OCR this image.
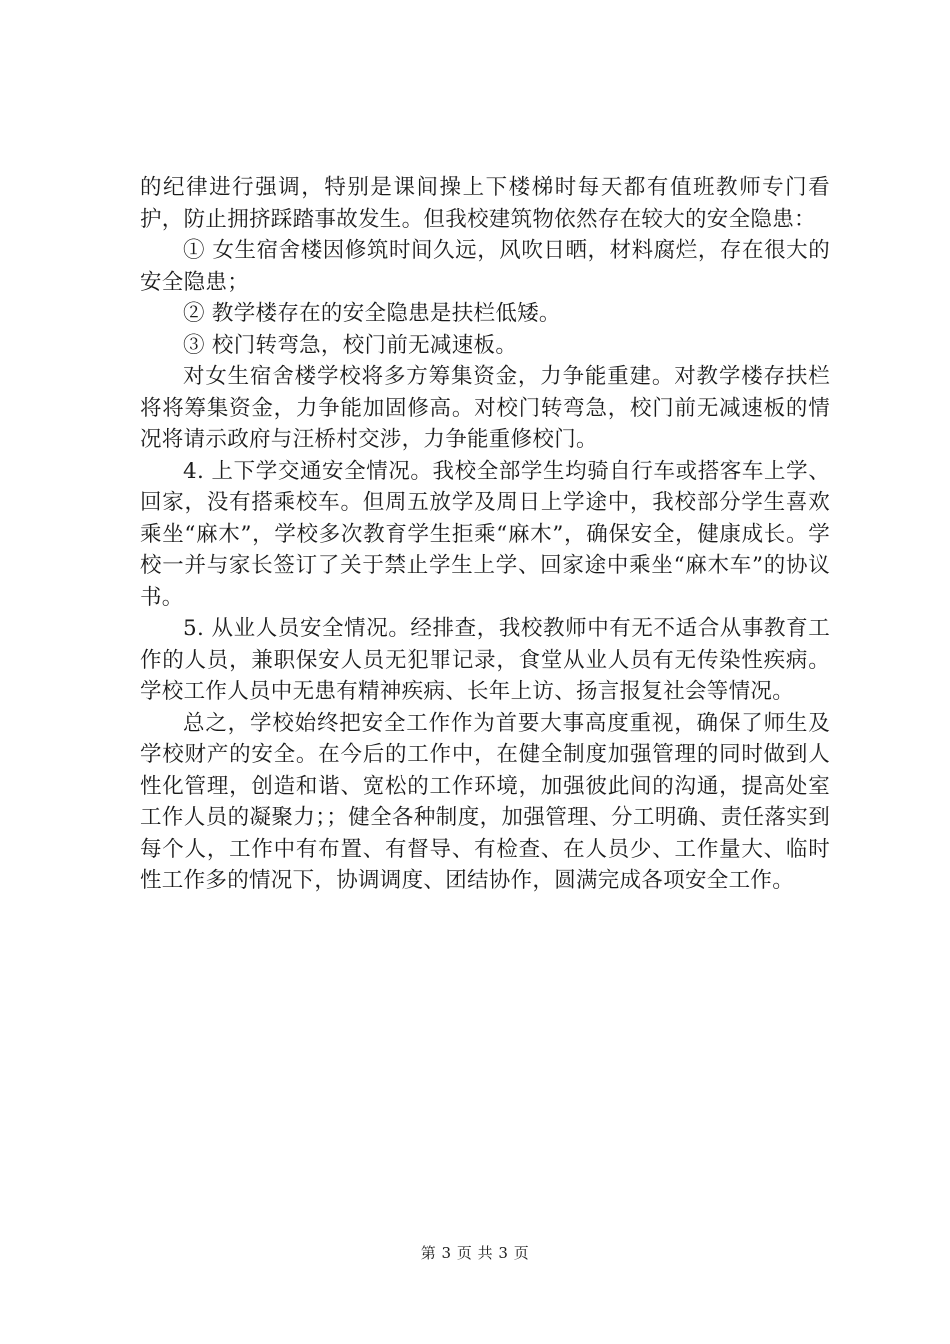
的纪律进行强调，特别是课间操上下楼梯时每天都有值班教师专门看护，防止拥挤踩踏事故发生。但我校建筑物依然存在较大的安全隐患：

① 女生宿舍楼因修筑时间久远，风吹日晒，材料腐烂，存在很大的安全隐患；

② 教学楼存在的安全隐患是扶栏低矮。

③ 校门转弯急，校门前无减速板。

对女生宿舍楼学校将多方筹集资金，力争能重建。对教学楼存扶栏将将筹集资金，力争能加固修高。对校门转弯急，校门前无减速板的情况将请示政府与汪桥村交涉，力争能重修校门。

4. 上下学交通安全情况。我校全部学生均骑自行车或搭客车上学、回家，没有搭乘校车。但周五放学及周日上学途中，我校部分学生喜欢乘坐“麻木”，学校多次教育学生拒乘“麻木”，确保安全，健康成长。学校一并与家长签订了关于禁止学生上学、回家途中乘坐“麻木车”的协议书。

5. 从业人员安全情况。经排查，我校教师中有无不适合从事教育工作的人员，兼职保安人员无犯罪记录，食堂从业人员有无传染性疾病。学校工作人员中无患有精神疾病、长年上访、扬言报复社会等情况。

总之，学校始终把安全工作作为首要大事高度重视，确保了师生及学校财产的安全。在今后的工作中，在健全制度加强管理的同时做到人性化管理，创造和谐、宽松的工作环境，加强彼此间的沟通，提高处室工作人员的凝聚力；；健全各种制度，加强管理、分工明确、责任落实到每个人，工作中有布置、有督导、有检查、在人员少、工作量大、临时性工作多的情况下，协调调度、团结协作，圆满完成各项安全工作。

第 3 页 共 3 页
